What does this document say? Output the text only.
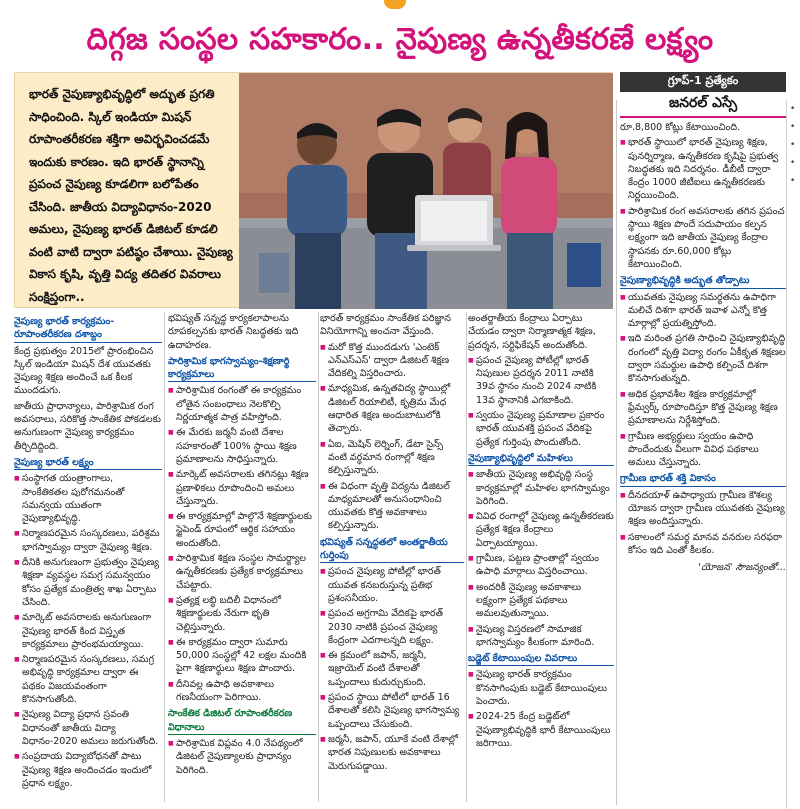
దిగ్గజ సంస్థల సహకారం.. నైపుణ్య ఉన్నతీకరణే లక్ష్యం
భారత్ నైపుణ్యాభివృద్ధిలో అద్భుత ప్రగతి సాధించింది. స్కిల్ ఇండియా మిషన్ రూపాంతరీకరణ శక్తిగా అవిర్భవించడమే ఇందుకు కారణం. ఇది భారత్ స్థానాన్ని ప్రపంచ నైపుణ్య కూడలిగా బలోపేతం చేసింది. జాతీయ విద్యావిధానం-2020 అమలు, నైపుణ్య భారత్ డిజిటల్ కూడలి వంటి వాటి ద్వారా పటిష్ఠం చేశాయి. నైపుణ్య వికాస కృషి, వృత్తి విద్య తదితర వివరాలు సంక్షిప్తంగా..
గ్రూప్-1 ప్రత్యేకం
జనరల్ ఎస్సే
రూ.8,800 కోట్లు కేటాయించింది.
■ భారత్ స్థాయిలో భారత్ నైపుణ్య శిక్షణ, పునర్నిర్మాణ, ఉన్నతీకరణ కృషిపై ప్రభుత్వ నిబద్ధతకు ఇది నిదర్శనం. డీబీటీ ద్వారా కేంద్రం 1000 జీటీఐలు ఉన్నతీకరణకు నిర్ణయించింది.
■ పారిశ్రామిక రంగ అవసరాలకు తగిన ప్రపంచ స్థాయి శిక్షణ పొందే సదుపాయం కల్పన లక్ష్యంగా ఇది జాతీయ నైపుణ్య కేంద్రాల స్థాపనకు రూ.60,000 కోట్లు కేటాయించింది.
నైపుణ్యాభివృద్ధికి అద్భుత తోడ్పాటు
■ యువతకు నైపుణ్య సమర్థతను ఉపాధిగా మలిచే దిశగా భారత్ ఇవాళ ఎన్నో కొత్త మార్గాల్లో ప్రయత్నిస్తోంది.
■ ఇది మరింత ప్రగతి సాధించి నైపుణ్యాభివృద్ధి రంగంలో వృత్తి విద్యా రంగం ఏకీకృత శిక్షణల ద్వారా సమర్థుల ఉపాధి కల్పించే దిశగా కొనసాగుతున్నది.
■ అధిక ప్రభావశీల శిక్షణ కార్యక్రమాల్లో ఫ్రేమ్వర్క్ రూపొందిస్తూ కొత్త నైపుణ్య శిక్షణ ప్రమాణాలను నిర్దేశిస్తోంది.
■ గ్రామీణ అభ్యర్థులు స్వయం ఉపాధి పొందేందుకు వీలుగా వివిధ పథకాలు అమలు చేస్తున్నారు.
గ్రామీణ భారత్ శక్తి వికాసం
■ దీనదయాళ్ ఉపాధ్యాయ గ్రామీణ కౌశల్య యోజన ద్వారా గ్రామీణ యువతకు నైపుణ్య శిక్షణ అందిస్తున్నారు.
■ సకాలంలో సమర్థ మానవ వనరుల సరఫరా కోసం ఇది ఎంతో కీలకం.
'యోజన' సౌజన్యంతో...
నైపుణ్య భారత్ కార్యక్రమం-రూపాంతరీకరణ దశాబ్దం
కేంద్ర ప్రభుత్వం 2015లో ప్రారంభించిన స్కిల్ ఇండియా మిషన్ దేశ యువతకు నైపుణ్య శిక్షణ అందించే ఒక కీలక ముందడుగు.
జాతీయ ప్రాధాన్యాలు, పారిశ్రామిక రంగ అవసరాలు, సరికొత్త సాంకేతిక పోకడలకు అనుగుణంగా నైపుణ్య కార్యక్రమం తీర్చిదిద్దింది.
నైపుణ్య భారత్ లక్ష్యం
■ సంస్థాగత యంత్రాంగాలు, సాంకేతికతల పురోగమనంతో సమన్వయ యుతంగా నైపుణ్యాభివృద్ధి.
■ నిర్మాణపరమైన సంస్కరణలు, పరిశ్రమ భాగస్వామ్యం ద్వారా నైపుణ్య శిక్షణ.
■ దీనికి అనుగుణంగా ప్రభుత్వం నైపుణ్య శిక్షణా వ్యవస్థల సమగ్ర సమన్వయం కోసం ప్రత్యేక మంత్రిత్వ శాఖ ఏర్పాటు చేసింది.
■ మార్కెట్ అవసరాలకు అనుగుణంగా నైపుణ్య భారత్ కింద విస్తృత కార్యక్రమాలు ప్రారంభమయ్యాయి.
■ నిర్మాణపరమైన సంస్కరణలు, సమగ్ర అభివృద్ధి కార్యక్రమాల ద్వారా ఈ పథకం విజయవంతంగా కొనసాగుతోంది.
■ నైపుణ్య విద్యా ప్రధాన స్రవంతి విధానంతో జాతీయ విద్యా విధానం-2020 అమలు జరుగుతోంది.
■ సంప్రదాయ విద్యాబోధనతో పాటు నైపుణ్య శిక్షణ అందించడం ఇందులో ప్రధాన లక్ష్యం.
భవిష్యత్ సన్నద్ధ కార్యకలాపాలను రూపకల్పనకు భారత్ నిబద్ధతకు ఇది ఉదాహరణ.
పారిశ్రామిక భాగస్వామ్యం-శిక్షణార్థి కార్యక్రమాలు
■ పారిశ్రామిక రంగంతో ఈ కార్యక్రమం లోతైన సంబంధాలు నెలకొల్పి నిర్ణయాత్మక పాత్ర వహిస్తోంది.
■ ఈ మేరకు జర్మనీ వంటి దేశాల సహకారంతో 100% స్థాయి శిక్షణ ప్రమాణాలను సాధిస్తున్నారు.
■ మార్కెట్ అవసరాలకు తగినట్లు శిక్షణ ప్రణాళికలు రూపొందించి అమలు చేస్తున్నారు.
■ ఈ కార్యక్రమాల్లో పాల్గొనే శిక్షణార్థులకు స్టైపెండ్ రూపంలో ఆర్థిక సహాయం అందుతోంది.
■ పారిశ్రామిక శిక్షణ సంస్థల సామర్థ్యాల ఉన్నతీకరణకు ప్రత్యేక కార్యక్రమాలు చేపట్టారు.
■ ప్రత్యక్ష లబ్ధి బదిలీ విధానంలో శిక్షణార్థులకు నేరుగా భృతి చెల్లిస్తున్నారు.
■ ఈ కార్యక్రమం ద్వారా సుమారు 50,000 సంస్థల్లో 42 లక్షల మందికి పైగా శిక్షణార్థులు శిక్షణ పొందారు.
■ దీనివల్ల ఉపాధి అవకాశాలు గణనీయంగా పెరిగాయి.
సాంకేతిక డిజిటల్ రూపాంతరీకరణ విధానాలు
■ పారిశ్రామిక విప్లవం 4.0 నేపథ్యంలో డిజిటల్ నైపుణ్యాలకు ప్రాధాన్యం పెరిగింది.
భారత్ కార్యక్రమం సాంకేతిక పరిజ్ఞాన వినియోగాన్ని అంచనా వేస్తుంది.
■ మరో కొత్త ముందడుగు 'ఎంటెక్ ఎన్ఎస్ఎస్' ద్వారా డిజిటల్ శిక్షణ వేదికల్ని విస్తరించారు.
■ మాధ్యమిక, ఉన్నతవిద్య స్థాయిల్లో డిజిటల్ రియాలిటీ, కృత్రిమ మేధ ఆధారిత శిక్షణ అందుబాటులోకి తెచ్చారు.
■ ఏఐ, మెషిన్ లెర్నింగ్, డేటా సైన్స్ వంటి వర్ధమాన రంగాల్లో శిక్షణ కల్పిస్తున్నారు.
■ ఈ విధంగా వృత్తి విద్యను డిజిటల్ మాధ్యమాలతో అనుసంధానించి యువతకు కొత్త అవకాశాలు కల్పిస్తున్నారు.
భవిష్యత్ సన్నద్ధతలో అంతర్జాతీయ గుర్తింపు
■ ప్రపంచ నైపుణ్య పోటీల్లో భారత్ యువత కనబరుస్తున్న ప్రతిభ ప్రశంసనీయం.
■ ప్రపంచ అగ్రగామి వేదికపై భారత్ 2030 నాటికి ప్రపంచ నైపుణ్య కేంద్రంగా ఎదగాలన్నది లక్ష్యం.
■ ఈ క్రమంలో జపాన్, జర్మనీ, ఇజ్రాయెల్ వంటి దేశాలతో ఒప్పందాలు కుదుర్చుకుంది.
■ ప్రపంచ స్థాయి పోటీలో భారత్ 16 దేశాలతో కలిసి నైపుణ్య భాగస్వామ్య ఒప్పందాలు చేసుకుంది.
■ జర్మనీ, జపాన్, యూకే వంటి దేశాల్లో భారత నిపుణులకు అవకాశాలు మెరుగుపడ్డాయి.
అంతర్జాతీయ కేంద్రాలు ఏర్పాటు చేయడం ద్వారా నిర్మాణాత్మక శిక్షణ, ప్రదర్శన, సర్టిఫికేషన్ అందుతోంది.
■ ప్రపంచ నైపుణ్య పోటీల్లో భారత్ నిపుణుల ప్రదర్శన 2011 నాటికి 39వ స్థానం నుంచి 2024 నాటికి 13వ స్థానానికి ఎగబాకింది.
■ స్వయం నైపుణ్య ప్రమాణాల ప్రకారం భారత్ యువశక్తి ప్రపంచ వేదికపై ప్రత్యేక గుర్తింపు పొందుతోంది.
నైపుణ్యాభివృద్ధిలో మహిళలు
■ జాతీయ నైపుణ్య అభివృద్ధి సంస్థ కార్యక్రమాల్లో మహిళల భాగస్వామ్యం పెరిగింది.
■ వివిధ రంగాల్లో నైపుణ్య ఉన్నతీకరణకు ప్రత్యేక శిక్షణ కేంద్రాలు ఏర్పాటయ్యాయి.
■ గ్రామీణ, పట్టణ ప్రాంతాల్లో స్వయం ఉపాధి మార్గాలు విస్తరించాయి.
■ అందరికీ నైపుణ్య అవకాశాలు లక్ష్యంగా ప్రత్యేక పథకాలు అమలవుతున్నాయి.
■ నైపుణ్య విస్తరణలో సామాజిక భాగస్వామ్యం కీలకంగా మారింది.
బడ్జెట్ కేటాయింపుల వివరాలు
■ నైపుణ్య భారత్ కార్యక్రమం కొనసాగింపుకు బడ్జెట్ కేటాయింపులు పెంచారు.
■ 2024-25 కేంద్ర బడ్జెట్‌లో నైపుణ్యాభివృద్ధికి భారీ కేటాయింపులు జరిగాయి.
•
•
•
•
•
